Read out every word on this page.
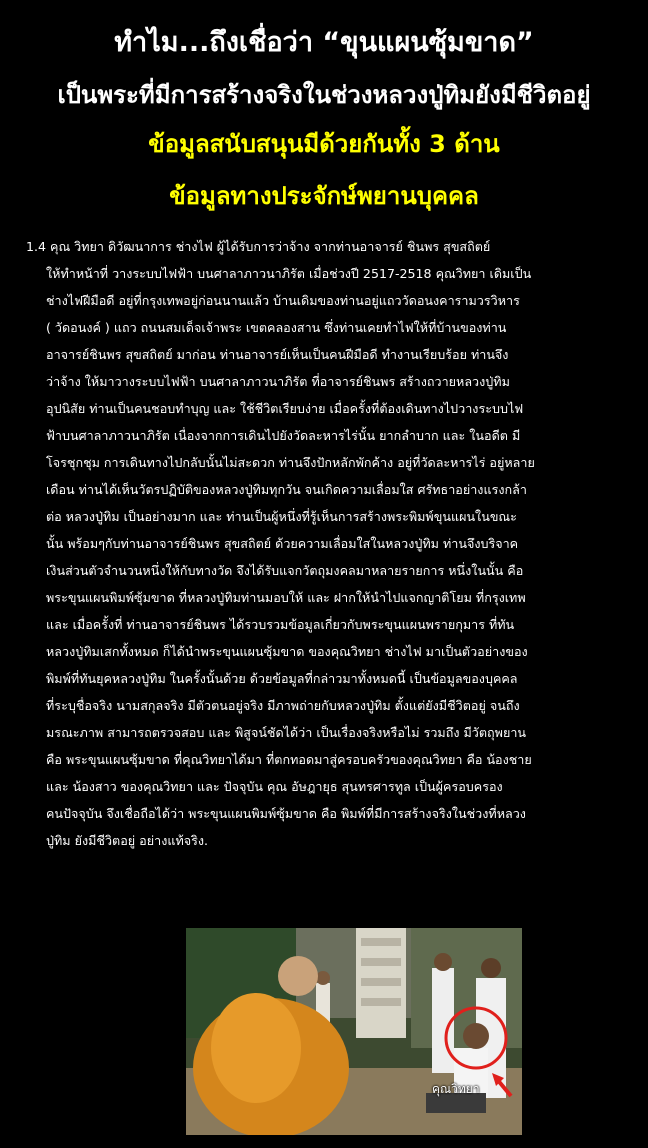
ทำไม...ถึงเชื่อว่า “ขุนแผนซุ้มขาด”
เป็นพระที่มีการสร้างจริงในช่วงหลวงปู่ทิมยังมีชีวิตอยู่
ข้อมูลสนับสนุนมีด้วยกันทั้ง 3 ด้าน
ข้อมูลทางประจักษ์พยานบุคคล
1.4 คุณ วิทยา ดิวัฒนาการ ช่างไฟ ผู้ได้รับการว่าจ้าง จากท่านอาจารย์ ชินพร สุขสถิตย์
ให้ทำหน้าที่ วางระบบไฟฟ้า บนศาลาภาวนาภิรัต เมื่อช่วงปี 2517-2518 คุณวิทยา เดิมเป็น
ช่างไฟฝีมือดี อยู่ที่กรุงเทพอยู่ก่อนนานแล้ว บ้านเดิมของท่านอยู่แถววัดอนงคารามวรวิหาร
( วัดอนงค์ ) แถว ถนนสมเด็จเจ้าพระ เขตคลองสาน ซึ่งท่านเคยทำไฟให้ที่บ้านของท่าน
อาจารย์ชินพร สุขสถิตย์ มาก่อน ท่านอาจารย์เห็นเป็นคนฝีมือดี ทำงานเรียบร้อย ท่านจึง
ว่าจ้าง ให้มาวางระบบไฟฟ้า บนศาลาภาวนาภิรัต ที่อาจารย์ชินพร สร้างถวายหลวงปู่ทิม
อุปนิสัย ท่านเป็นคนชอบทำบุญ และ ใช้ชีวิตเรียบง่าย เมื่อครั้งที่ต้องเดินทางไปวางระบบไฟ
ฟ้าบนศาลาภาวนาภิรัต เนื่องจากการเดินไปยังวัดละหารไร่นั้น ยากลำบาก และ ในอดีต มี
โจรชุกชุม การเดินทางไปกลับนั้นไม่สะดวก ท่านจึงปักหลักพักค้าง อยู่ที่วัดละหารไร่ อยู่หลาย
เดือน ท่านได้เห็นวัตรปฏิบัติของหลวงปู่ทิมทุกวัน จนเกิดความเลื่อมใส ศรัทธาอย่างแรงกล้า
ต่อ หลวงปู่ทิม เป็นอย่างมาก และ ท่านเป็นผู้หนึ่งที่รู้เห็นการสร้างพระพิมพ์ขุนแผนในขณะ
นั้น พร้อมๆกับท่านอาจารย์ชินพร สุขสถิตย์ ด้วยความเลื่อมใสในหลวงปู่ทิม ท่านจึงบริจาค
เงินส่วนตัวจำนวนหนึ่งให้กับทางวัด จึงได้รับแจกวัตถุมงคลมาหลายรายการ หนึ่งในนั้น คือ
พระขุนแผนพิมพ์ซุ้มขาด ที่หลวงปู่ทิมท่านมอบให้ และ ฝากให้นำไปแจกญาติโยม ที่กรุงเทพ
และ เมื่อครั้งที่ ท่านอาจารย์ชินพร ได้รวบรวมข้อมูลเกี่ยวกับพระขุนแผนพรายกุมาร ที่ทัน
หลวงปู่ทิมเสกทั้งหมด ก็ได้นำพระขุนแผนซุ้มขาด ของคุณวิทยา ช่างไฟ มาเป็นตัวอย่างของ
พิมพ์ที่ทันยุคหลวงปู่ทิม ในครั้งนั้นด้วย ด้วยข้อมูลที่กล่าวมาทั้งหมดนี้ เป็นข้อมูลของบุคคล
ที่ระบุชื่อจริง นามสกุลจริง มีตัวตนอยู่จริง มีภาพถ่ายกับหลวงปู่ทิม ตั้งแต่ยังมีชีวิตอยู่ จนถึง
มรณะภาพ สามารถตรวจสอบ และ พิสูจน์ชัดได้ว่า เป็นเรื่องจริงหรือไม่ รวมถึง มีวัตถุพยาน
คือ พระขุนแผนซุ้มขาด ที่คุณวิทยาได้มา ที่ตกทอดมาสู่ครอบครัวของคุณวิทยา คือ น้องชาย
และ น้องสาว ของคุณวิทยา และ ปัจจุบัน คุณ อัษฎายุธ สุนทรศารทูล เป็นผู้ครอบครอง
คนปัจจุบัน จึงเชื่อถือได้ว่า พระขุนแผนพิมพ์ซุ้มขาด คือ พิมพ์ที่มีการสร้างจริงในช่วงที่หลวง
ปู่ทิม ยังมีชีวิตอยู่ อย่างแท้จริง.
คุณวิทยา
